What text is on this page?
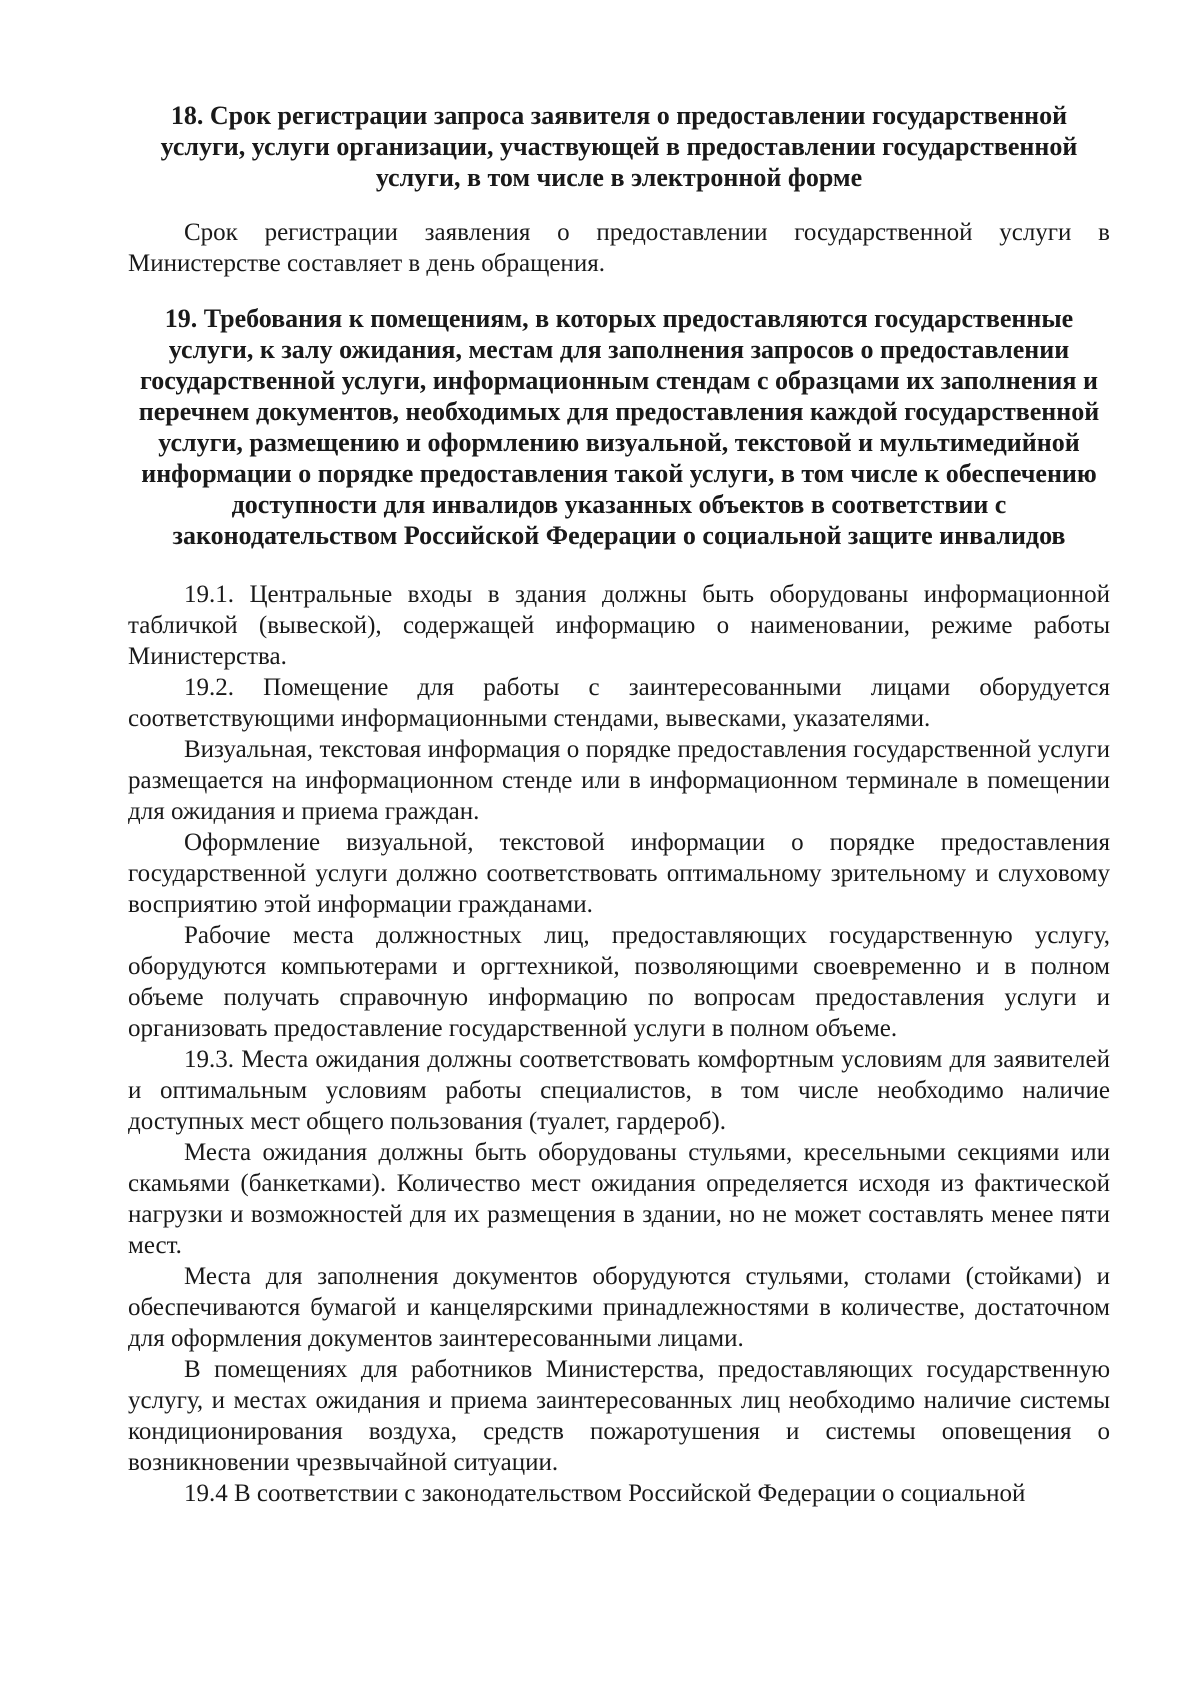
18. Срок регистрации запроса заявителя о предоставлении государственной услуги, услуги организации, участвующей в предоставлении государственной услуги, в том числе в электронной форме

Срок регистрации заявления о предоставлении государственной услуги в Министерстве составляет в день обращения.

19. Требования к помещениям, в которых предоставляются государственные услуги, к залу ожидания, местам для заполнения запросов о предоставлении государственной услуги, информационным стендам с образцами их заполнения и перечнем документов, необходимых для предоставления каждой государственной услуги, размещению и оформлению визуальной, текстовой и мультимедийной информации о порядке предоставления такой услуги, в том числе к обеспечению доступности для инвалидов указанных объектов в соответствии с законодательством Российской Федерации о социальной защите инвалидов

19.1. Центральные входы в здания должны быть оборудованы информационной табличкой (вывеской), содержащей информацию о наименовании, режиме работы Министерства.

19.2. Помещение для работы с заинтересованными лицами оборудуется соответствующими информационными стендами, вывесками, указателями.

Визуальная, текстовая информация о порядке предоставления государственной услуги размещается на информационном стенде или в информационном терминале в помещении для ожидания и приема граждан.

Оформление визуальной, текстовой информации о порядке предоставления государственной услуги должно соответствовать оптимальному зрительному и слуховому восприятию этой информации гражданами.

Рабочие места должностных лиц, предоставляющих государственную услугу, оборудуются компьютерами и оргтехникой, позволяющими своевременно и в полном объеме получать справочную информацию по вопросам предоставления услуги и организовать предоставление государственной услуги в полном объеме.

19.3. Места ожидания должны соответствовать комфортным условиям для заявителей и оптимальным условиям работы специалистов, в том числе необходимо наличие доступных мест общего пользования (туалет, гардероб).

Места ожидания должны быть оборудованы стульями, кресельными секциями или скамьями (банкетками). Количество мест ожидания определяется исходя из фактической нагрузки и возможностей для их размещения в здании, но не может составлять менее пяти мест.

Места для заполнения документов оборудуются стульями, столами (стойками) и обеспечиваются бумагой и канцелярскими принадлежностями в количестве, достаточном для оформления документов заинтересованными лицами.

В помещениях для работников Министерства, предоставляющих государственную услугу, и местах ожидания и приема заинтересованных лиц необходимо наличие системы кондиционирования воздуха, средств пожаротушения и системы оповещения о возникновении чрезвычайной ситуации.

19.4 В соответствии с законодательством Российской Федерации о социальной
